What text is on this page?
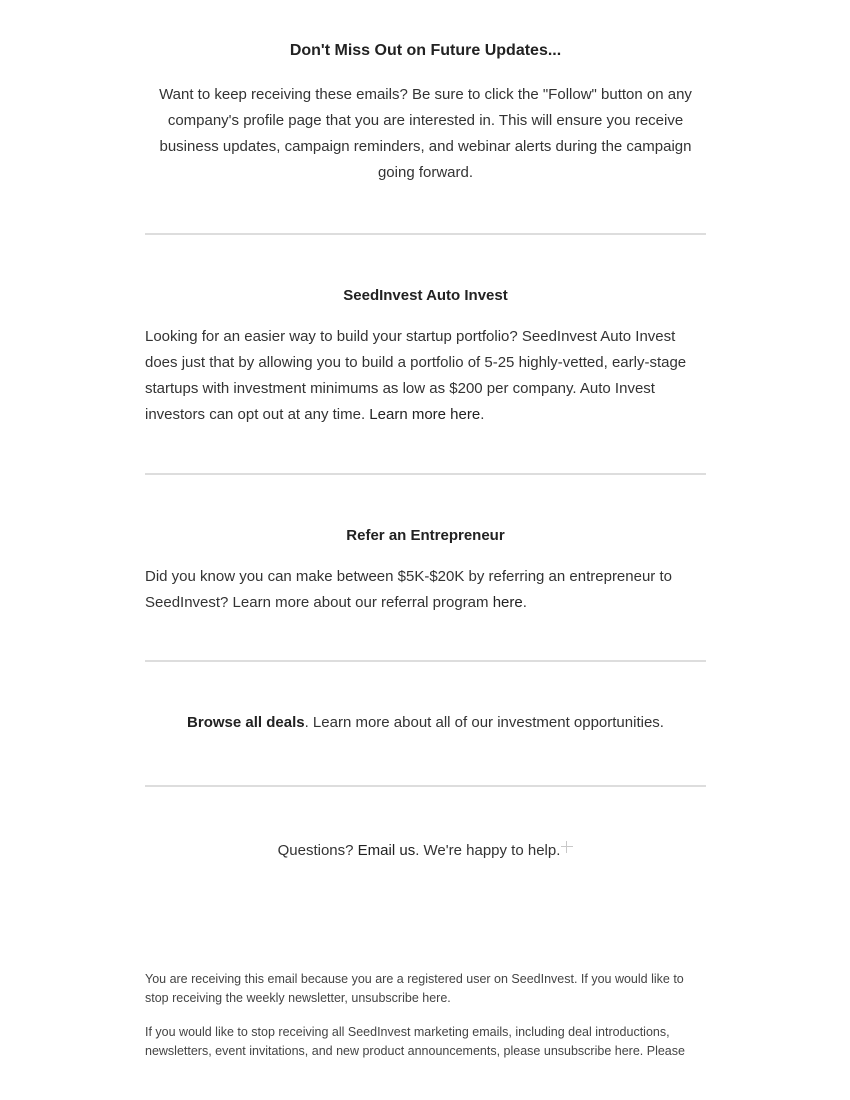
Don't Miss Out on Future Updates...

Want to keep receiving these emails? Be sure to click the "Follow" button on any company's profile page that you are interested in. This will ensure you receive business updates, campaign reminders, and webinar alerts during the campaign going forward.

SeedInvest Auto Invest

Looking for an easier way to build your startup portfolio? SeedInvest Auto Invest does just that by allowing you to build a portfolio of 5-25 highly-vetted, early-stage startups with investment minimums as low as $200 per company. Auto Invest investors can opt out at any time. Learn more here.

Refer an Entrepreneur

Did you know you can make between $5K-$20K by referring an entrepreneur to SeedInvest? Learn more about our referral program here.

Browse all deals. Learn more about all of our investment opportunities.

Questions? Email us. We're happy to help.

You are receiving this email because you are a registered user on SeedInvest. If you would like to stop receiving the weekly newsletter, unsubscribe here.

If you would like to stop receiving all SeedInvest marketing emails, including deal introductions, newsletters, event invitations, and new product announcements, please unsubscribe here. Please
